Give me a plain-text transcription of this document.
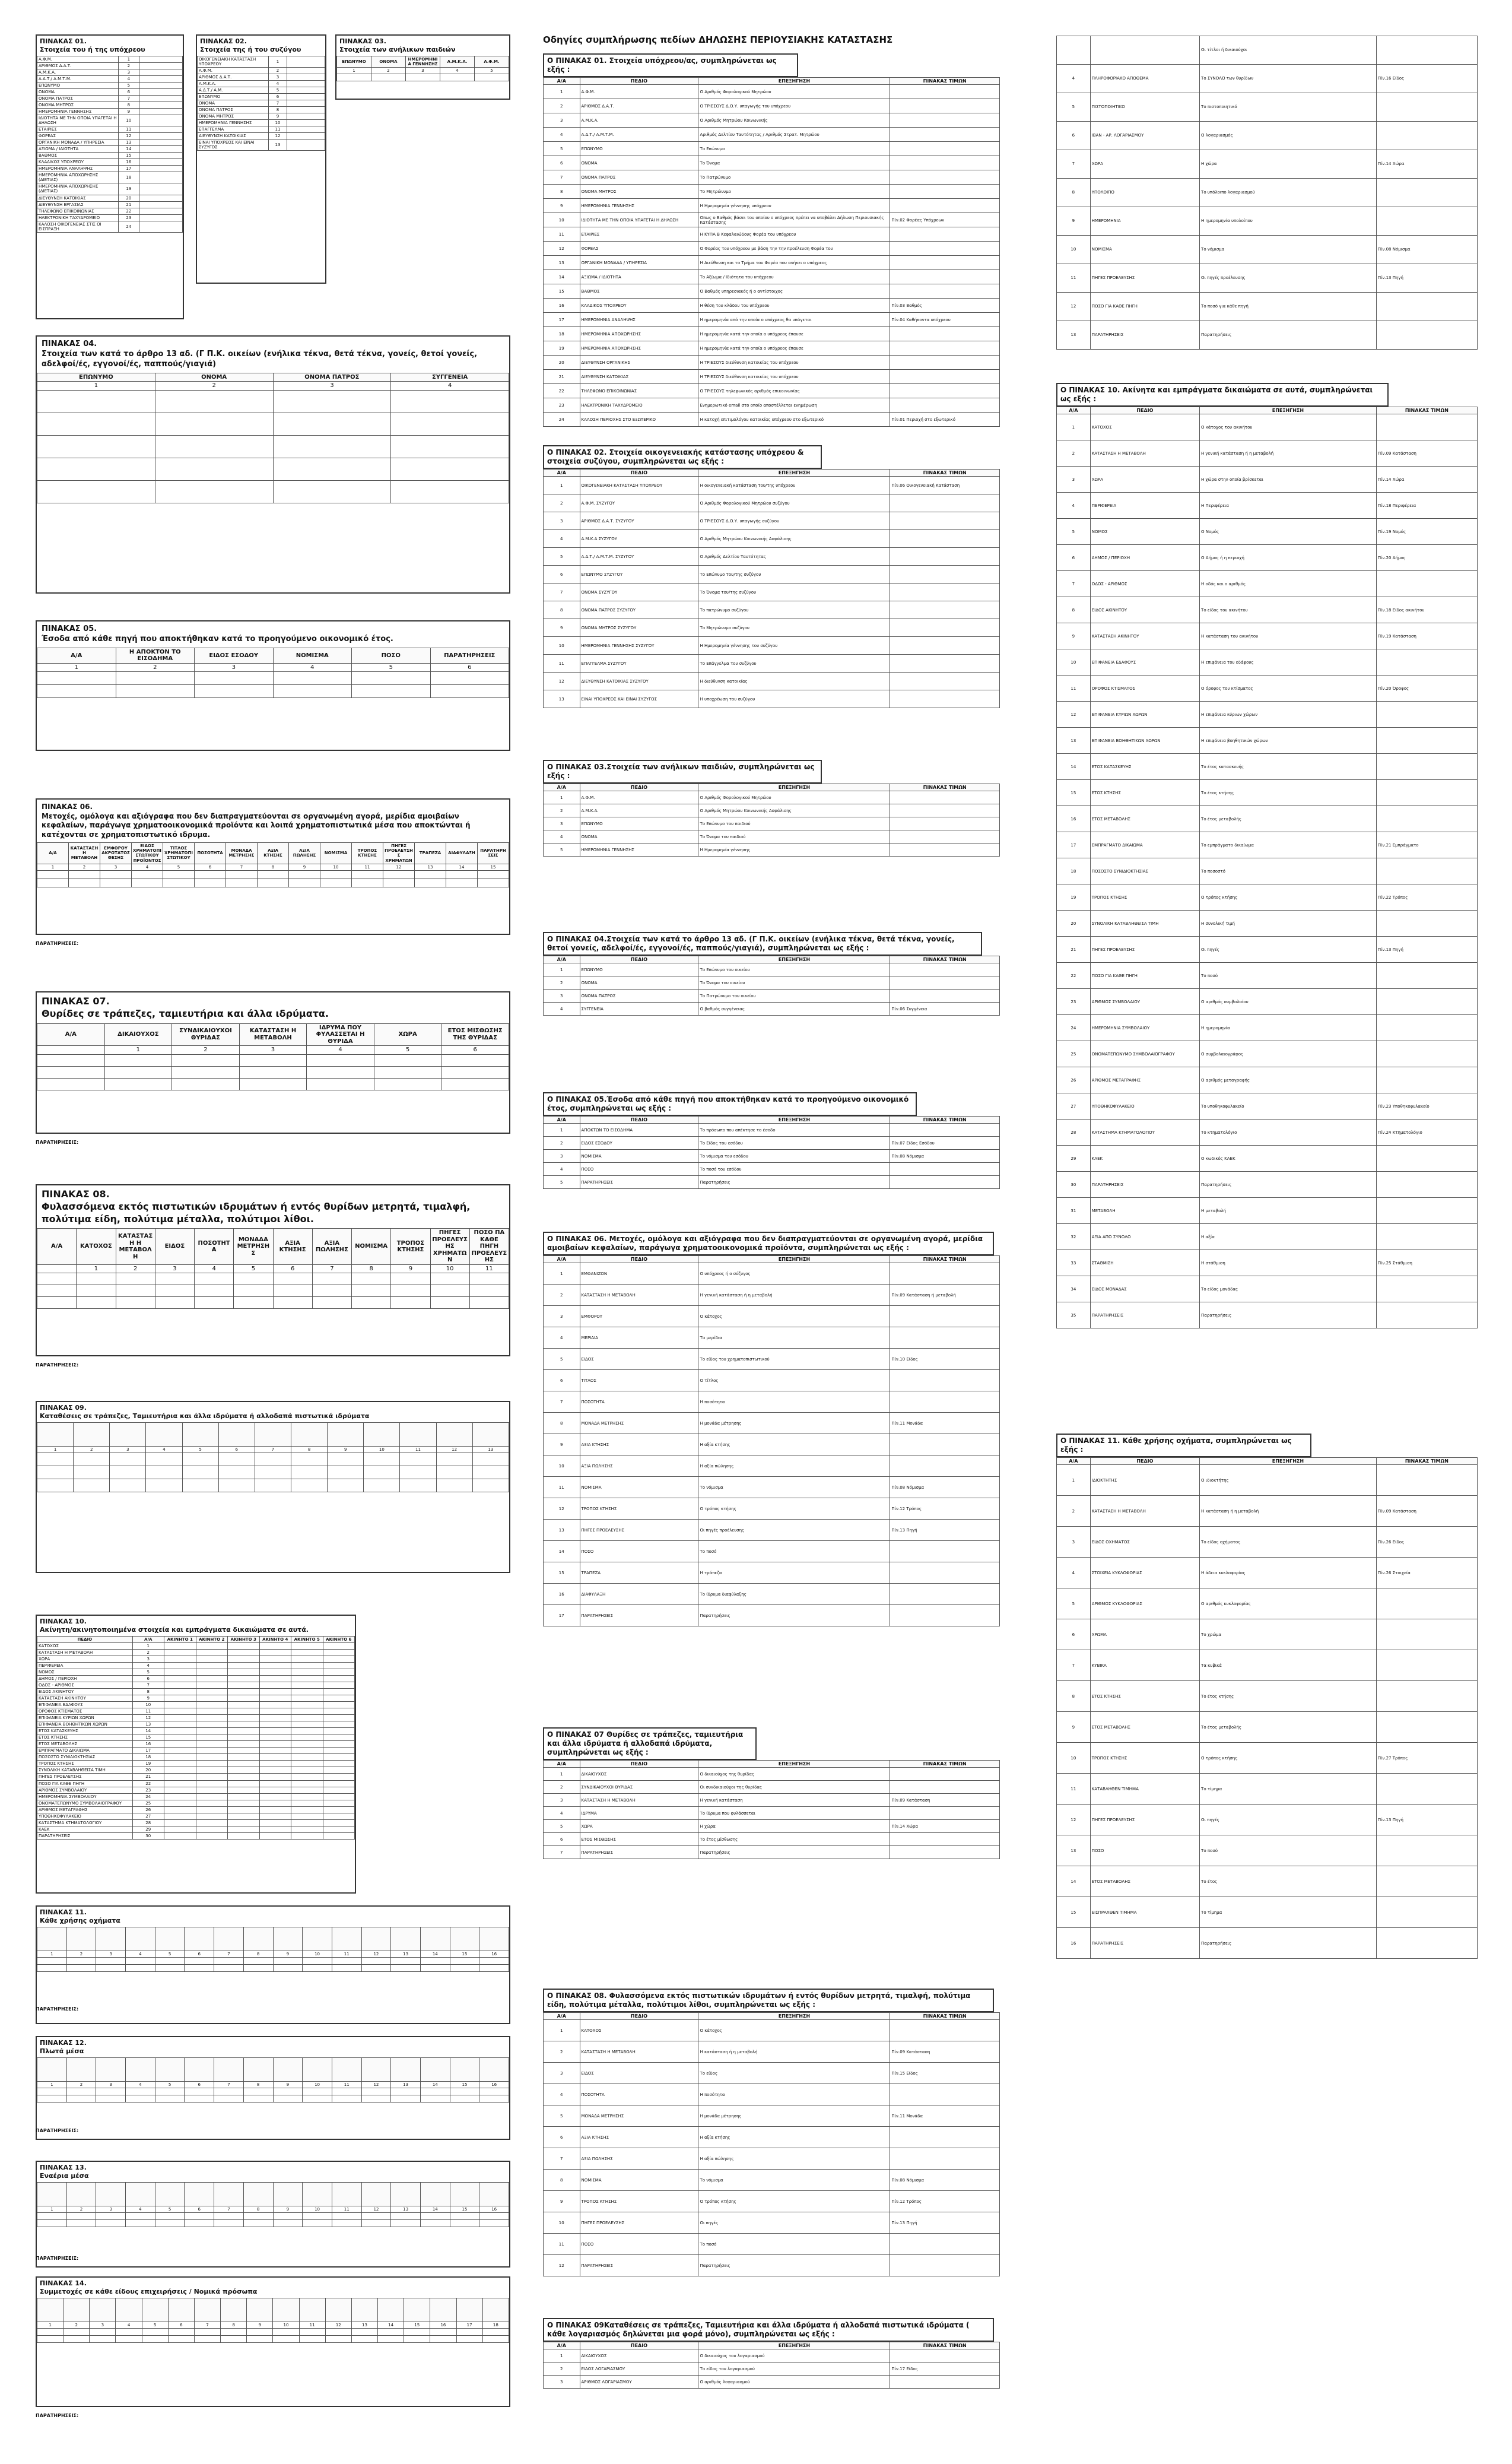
ΠΙΝΑΚΑΣ 01.
Στοιχεία του ή της υπόχρεου
Α.Φ.Μ.	1	
ΑΡΙΘΜΟΣ Δ.Α.Τ.	2	
Α.Μ.Κ.Α.	3	
Α.Δ.Τ./ Α.Μ.Τ.Μ.	4	
ΕΠΩΝΥΜΟ	5	
ΟΝΟΜΑ	6	
ΟΝΟΜΑ ΠΑΤΡΟΣ	7	
ΟΝΟΜΑ ΜΗΤΡΟΣ	8	
ΗΜΕΡΟΜΗΝΙΑ ΓΕΝΝΗΣΗΣ	9	
ΙΔΙΟΤΗΤΑ ΜΕ ΤΗΝ ΟΠΟΙΑ ΥΠΑΓΕΤΑΙ Η ΔΗΛΩΣΗ	10	
ΕΤΑΙΡΙΕΣ	11	
ΦΟΡΕΑΣ	12	
ΟΡΓΑΝΙΚΗ ΜΟΝΑΔΑ / ΥΠΗΡΕΣΙΑ	13	
ΑΞΙΩΜΑ / ΙΔΙΟΤΗΤΑ	14	
ΒΑΘΜΟΣ	15	
ΚΛΑΔΙΚΟΣ ΥΠΟΧΡΕΟΥ	16	
ΗΜΕΡΟΜΗΝΙΑ ΑΝΑΛΗΨΗΣ	17	
ΗΜΕΡΟΜΗΝΙΑ ΑΠΟΧΩΡΗΣΗΣ (ΔΙΕΤΙΑΣ)	18	
ΗΜΕΡΟΜΗΝΙΑ ΑΠΟΧΩΡΗΣΗΣ (ΔΙΕΤΙΑΣ)	19	
ΔΙΕΥΘΥΝΣΗ ΚΑΤΟΙΚΙΑΣ	20	
ΔΙΕΥΘΥΝΣΗ ΕΡΓΑΣΙΑΣ	21	
ΤΗΛΕΦΩΝΟ ΕΠΙΚΟΙΝΩΝΙΑΣ	22	
ΗΛΕΚΤΡΟΝΙΚΗ ΤΑΧΥΔΡΟΜΕΙΟ	23	
ΚΑΛΟΣΗ ΟΙΚΟΓΕΝΕΙΑΣ ΣΤΙΣ ΟΙ ΕΙΣΠΡΑΞΗ	24	
ΠΙΝΑΚΑΣ 02.
Στοιχεία της ή του συζύγου
ΟΙΚΟΓΕΝΕΙΑΚΗ ΚΑΤΑΣΤΑΣΗ ΥΠΟΧΡΕΟΥ	1	
Α.Φ.Μ.	2	
ΑΡΙΘΜΟΣ Δ.Α.Τ.	3	
Α.Μ.Κ.Α.	4	
Α.Δ.Τ./ Α.Μ.	5	
ΕΠΩΝΥΜΟ	6	
ΟΝΟΜΑ	7	
ΟΝΟΜΑ ΠΑΤΡΟΣ	8	
ΟΝΟΜΑ ΜΗΤΡΟΣ	9	
ΗΜΕΡΟΜΗΝΙΑ ΓΕΝΝΗΣΗΣ	10	
ΕΠΑΓΓΕΛΜΑ	11	
ΔΙΕΥΘΥΝΣΗ ΚΑΤΟΙΚΙΑΣ	12	
ΕΙΝΑΙ ΥΠΟΧΡΕΟΣ ΚΑΙ ΕΙΝΑΙ ΣΥΖΥΓΟΣ	13	
ΠΙΝΑΚΑΣ 03.
Στοιχεία των ανήλικων παιδιών
ΕΠΩΝΥΜΟ	ΟΝΟΜΑ	ΗΜΕΡΟΜΗΝΙΑ ΓΕΝΝΗΣΗΣ	Α.Μ.Κ.Α.	Α.Φ.Μ.
1	2	3	4	5

ΠΙΝΑΚΑΣ 04.
Στοιχεία των κατά το άρθρο 13 αδ. (Γ Π.Κ. οικείων (ενήλικα τέκνα, θετά τέκνα, γονείς, θετοί γονείς, αδελφοί/ές, εγγονοί/ές, παππούς/γιαγιά)
ΕΠΩΝΥΜΟ	ΟΝΟΜΑ	ΟΝΟΜΑ ΠΑΤΡΟΣ	ΣΥΓΓΕΝΕΙΑ
1	2	3	4

ΠΙΝΑΚΑΣ 05.
Έσοδα από κάθε πηγή που αποκτήθηκαν κατά το προηγούμενο οικονομικό έτος.
Α/Α	Η ΑΠΟΚΤΟΝ ΤΟ ΕΙΣΟΔΗΜΑ	ΕΙΔΟΣ ΕΣΟΔΟΥ	ΝΟΜΙΣΜΑ	ΠΟΣΟ	ΠΑΡΑΤΗΡΗΣΕΙΣ
1	2	3	4	5	6

ΠΙΝΑΚΑΣ 06.
Μετοχές, ομόλογα και αξιόγραφα που δεν διαπραγματεύονται σε οργανωμένη αγορά, μερίδια αμοιβαίων κεφαλαίων, παράγωγα χρηματοοικονομικά προϊόντα και λοιπά χρηματοπιστωτικά μέσα που αποκτώνται ή κατέχονται σε χρηματοπιστωτικό ιδρυμα.
Α/Α	ΚΑΤΑΣΤΑΣΗ Η ΜΕΤΑΒΟΛΗ	ΕΜΦΟΡΟΥ ΑΚΡΟΤΑΤΟΣ ΘΕΣΗΣ	ΕΙΔΟΣ ΧΡΗΜΑΤΟΠΙΣΤΩΤΙΚΟΥ ΠΡΟΪΟΝΤΟΣ	ΤΙΤΛΟΣ ΧΡΗΜΑΤΟΠΙΣΤΩΤΙΚΟΥ	ΠΟΣΟΤΗΤΑ	ΜΟΝΑΔΑ ΜΕΤΡΗΣΗΣ	ΑΞΙΑ ΚΤΗΣΗΣ	ΑΞΙΑ ΠΩΛΗΣΗΣ	ΝΟΜΙΣΜΑ	ΤΡΟΠΟΣ ΚΤΗΣΗΣ	ΠΗΓΕΣ ΠΡΟΕΛΕΥΣΗΣ ΧΡΗΜΑΤΩΝ	ΤΡΑΠΕΖΑ	ΔΙΑΦΥΛΑΞΗ	ΠΑΡΑΤΗΡΗΣΕΙΣ
1	2	3	4	5	6	7	8	9	10	11	12	13	14	15

ΠΑΡΑΤΗΡΗΣΕΙΣ:
ΠΙΝΑΚΑΣ 07.
Θυρίδες σε τράπεζες, ταμιευτήρια και άλλα ιδρύματα.
Α/Α	ΔΙΚΑΙΟΥΧΟΣ	ΣΥΝΔΙΚΑΙΟΥΧΟΙ ΘΥΡΙΔΑΣ	ΚΑΤΑΣΤΑΣΗ Η ΜΕΤΑΒΟΛΗ	ΙΔΡΥΜΑ ΠΟΥ ΦΥΛΑΣΣΕΤΑΙ Η ΘΥΡΙΔΑ	ΧΩΡΑ	ΕΤΟΣ ΜΙΣΘΩΣΗΣ ΤΗΣ ΘΥΡΙΔΑΣ
	1	2	3	4	5	6

ΠΑΡΑΤΗΡΗΣΕΙΣ:
ΠΙΝΑΚΑΣ 08.
Φυλασσόμενα εκτός πιστωτικών ιδρυμάτων ή εντός θυρίδων μετρητά, τιμαλφή, πολύτιμα είδη, πολύτιμα μέταλλα, πολύτιμοι λίθοι.
Α/Α	ΚΑΤΟΧΟΣ	ΚΑΤΑΣΤΑΣΗ Η ΜΕΤΑΒΟΛΗ	ΕΙΔΟΣ	ΠΟΣΟΤΗΤΑ	ΜΟΝΑΔΑ ΜΕΤΡΗΣΗΣ	ΑΞΙΑ ΚΤΗΣΗΣ	ΑΞΙΑ ΠΩΛΗΣΗΣ	ΝΟΜΙΣΜΑ	ΤΡΟΠΟΣ ΚΤΗΣΗΣ	ΠΗΓΕΣ ΠΡΟΕΛΕΥΣΗΣ ΧΡΗΜΑΤΩΝ	ΠΟΣΟ ΠΑ ΚΑΘΕ ΠΗΓΗ ΠΡΟΕΛΕΥΣΗΣ
	1	2	3	4	5	6	7	8	9	10	11

ΠΑΡΑΤΗΡΗΣΕΙΣ:
ΠΙΝΑΚΑΣ 09.
Καταθέσεις σε τράπεζες, Ταμιευτήρια και άλλα ιδρύματα ή αλλοδαπά πιστωτικά ιδρύματα

1	2	3	4	5	6	7	8	9	10	11	12	13

ΠΙΝΑΚΑΣ 10.
Ακίνητη/ακινητοποιημένα στοιχεία και εμπράγματα δικαιώματα σε αυτά.
ΠΕΔΙΟ	Α/Α	ΑΚΙΝΗΤΟ 1	ΑΚΙΝΗΤΟ 2	ΑΚΙΝΗΤΟ 3	ΑΚΙΝΗΤΟ 4	ΑΚΙΝΗΤΟ 5	ΑΚΙΝΗΤΟ 6
ΚΑΤΟΧΟΣ	1						
ΚΑΤΑΣΤΑΣΗ Η ΜΕΤΑΒΟΛΗ	2						
ΧΩΡΑ	3						
ΠΕΡΙΦΕΡΕΙΑ	4						
ΝΟΜΟΣ	5						
ΔΗΜΟΣ / ΠΕΡΙΟΧΗ	6						
ΟΔΟΣ - ΑΡΙΘΜΟΣ	7						
ΕΙΔΟΣ ΑΚΙΝΗΤΟΥ	8						
ΚΑΤΑΣΤΑΣΗ ΑΚΙΝΗΤΟΥ	9						
ΕΠΙΦΑΝΕΙΑ ΕΔΑΦΟΥΣ	10						
ΟΡΟΦΟΣ ΚΤΙΣΜΑΤΟΣ	11						
ΕΠΙΦΑΝΕΙΑ ΚΥΡΙΩΝ ΧΩΡΩΝ	12						
ΕΠΙΦΑΝΕΙΑ ΒΟΗΘΗΤΙΚΩΝ ΧΩΡΩΝ	13						
ΕΤΟΣ ΚΑΤΑΣΚΕΥΗΣ	14						
ΕΤΟΣ ΚΤΗΣΗΣ	15						
ΕΤΟΣ ΜΕΤΑΒΟΛΗΣ	16						
ΕΜΠΡΑΓΜΑΤΟ ΔΙΚΑΙΩΜΑ	17						
ΠΟΣΟΣΤΟ ΣΥΝΙΔΙΟΚΤΗΣΙΑΣ	18						
ΤΡΟΠΟΣ ΚΤΗΣΗΣ	19						
ΣΥΝΟΛΙΚΗ ΚΑΤΑΒΛΗΘΕΙΣΑ ΤΙΜΗ	20						
ΠΗΓΕΣ ΠΡΟΕΛΕΥΣΗΣ	21						
ΠΟΣΟ ΓΙΑ ΚΑΘΕ ΠΗΓΗ	22						
ΑΡΙΘΜΟΣ ΣΥΜΒΟΛΑΙΟΥ	23						
ΗΜΕΡΟΜΗΝΙΑ ΣΥΜΒΟΛΑΙΟΥ	24						
ΟΝΟΜΑΤΕΠΩΝΥΜΟ ΣΥΜΒΟΛΑΙΟΓΡΑΦΟΥ	25						
ΑΡΙΘΜΟΣ ΜΕΤΑΓΡΑΦΗΣ	26						
ΥΠΟΘΗΚΟΦΥΛΑΚΕΙΟ	27						
ΚΑΤΑΣΤΗΜΑ ΚΤΗΜΑΤΟΛΟΓΙΟΥ	28						
ΚΑΕΚ	29						
ΠΑΡΑΤΗΡΗΣΕΙΣ	30						
ΠΙΝΑΚΑΣ 11.
Κάθε χρήσης οχήματα

1	2	3	4	5	6	7	8	9	10	11	12	13	14	15	16

ΠΑΡΑΤΗΡΗΣΕΙΣ:
ΠΙΝΑΚΑΣ 12.
Πλωτά μέσα

1	2	3	4	5	6	7	8	9	10	11	12	13	14	15	16

ΠΑΡΑΤΗΡΗΣΕΙΣ:
ΠΙΝΑΚΑΣ 13.
Εναέρια μέσα

1	2	3	4	5	6	7	8	9	10	11	12	13	14	15	16

ΠΑΡΑΤΗΡΗΣΕΙΣ:
ΠΙΝΑΚΑΣ 14.
Συμμετοχές σε κάθε είδους επιχειρήσεις / Νομικά πρόσωπα

1	2	3	4	5	6	7	8	9	10	11	12	13	14	15	16	17	18

ΠΑΡΑΤΗΡΗΣΕΙΣ:
Οδηγίες συμπλήρωσης πεδίων ΔΗΛΩΣΗΣ ΠΕΡΙΟΥΣΙΑΚΗΣ ΚΑΤΑΣΤΑΣΗΣ
Ο ΠΙΝΑΚΑΣ 01. Στοιχεία υπόχρεου/ας, συμπληρώνεται ως εξής :
Α/Α	ΠΕΔΙΟ	ΕΠΕΞΗΓΗΣΗ	ΠΙΝΑΚΑΣ ΤΙΜΩΝ
1	Α.Φ.Μ.	Ο Αριθμός Φορολογικού Μητρώου	
2	ΑΡΙΘΜΟΣ Δ.Α.Τ.	Ο ΤΡΙΕΣΟΥΣ Δ.Ο.Υ. υπαγωγής του υπόχρεου	
3	Α.Μ.Κ.Α.	Ο Αριθμός Μητρώου Κοινωνικής	
4	Α.Δ.Τ./ Α.Μ.Τ.Μ.	Αριθμός Δελτίου Ταυτότητας / Αριθμός Στρατ. Μητρώου	
5	ΕΠΩΝΥΜΟ	Το Επώνυμο	
6	ΟΝΟΜΑ	Το Όνομα	
7	ΟΝΟΜΑ ΠΑΤΡΟΣ	Το Πατρώνυμο	
8	ΟΝΟΜΑ ΜΗΤΡΟΣ	Το Μητρώνυμο	
9	ΗΜΕΡΟΜΗΝΙΑ ΓΕΝΝΗΣΗΣ	Η Ημερομηνία γέννησης υπόχρεου	
10	ΙΔΙΟΤΗΤΑ ΜΕ ΤΗΝ ΟΠΟΙΑ ΥΠΑΓΕΤΑΙ Η ΔΗΛΩΣΗ	Οπως ο Βαθμός βάσει του οποίου ο υπόχρεος πρέπει να υποβάλει Δήλωση Περιουσιακής Κατάστασης	Πίν.02 Φορέας Υπόχρεων
11	ΕΤΑΙΡΙΕΣ	Η ΚΥΠΑ Β Κεφαλαιώδους Φορέα του υπόχρεου	
12	ΦΟΡΕΑΣ	Ο Φορέας του υπόχρεου με βάση την την προέλευση Φορέα του	
13	ΟΡΓΑΝΙΚΗ ΜΟΝΑΔΑ / ΥΠΗΡΕΣΙΑ	Η Διεύθυνση και το Τμήμα του Φορέα που ανήκει ο υπόχρεος	
14	ΑΞΙΩΜΑ / ΙΔΙΟΤΗΤΑ	Το Αξίωμα / Ιδιότητα του υπόχρεου	
15	ΒΑΘΜΟΣ	Ο Βαθμός υπηρεσιακός ή ο αντίστοιχος	
16	ΚΛΑΔΙΚΟΣ ΥΠΟΧΡΕΟΥ	Η θέση του κλάδου του υπόχρεου	Πίν.03 Βαθμός
17	ΗΜΕΡΟΜΗΝΙΑ ΑΝΑΛΗΨΗΣ	Η ημερομηνία από την οποία ο υπόχρεος θα υπάγεται	Πίν.04 Καθήκοντα υπόχρεου
18	ΗΜΕΡΟΜΗΝΙΑ ΑΠΟΧΩΡΗΣΗΣ	Η ημερομηνία κατά την οποία ο υπόχρεος έπαυσε	
19	ΗΜΕΡΟΜΗΝΙΑ ΑΠΟΧΩΡΗΣΗΣ	Η ημερομηνία κατά την οποία ο υπόχρεος έπαυσε	
20	ΔΙΕΥΘΥΝΣΗ ΟΡΓΑΝΙΚΗΣ	Η ΤΡΙΕΣΟΥΣ διεύθυνση κατοικίας του υπόχρεου	
21	ΔΙΕΥΘΥΝΣΗ ΚΑΤΟΙΚΙΑΣ	Η ΤΡΙΕΣΟΥΣ διεύθυνση κατοικίας του υπόχρεου	
22	ΤΗΛΕΦΩΝΟ ΕΠΙΚΟΙΝΩΝΙΑΣ	Ο ΤΡΙΕΣΟΥΣ τηλεφωνικός αριθμός επικοινωνίας	
23	ΗΛΕΚΤΡΟΝΙΚΗ ΤΑΧΥΔΡΟΜΕΙΟ	Ενημερωτικό email στο οποίο αποστέλλεται ενημέρωση	
24	ΚΑΛΟΣΗ ΠΕΡΙΟΧΗΣ ΣΤΟ ΕΞΩΤΕΡΙΚΟ	Η κατοχή επιτιμολόγου κατοικίας υπόχρεου στο εξωτερικό	Πίν.01 Περιοχή στο εξωτερικό
Ο ΠΙΝΑΚΑΣ 02. Στοιχεία οικογενειακής κατάστασης υπόχρεου & στοιχεία συζύγου, συμπληρώνεται ως εξής :
Α/Α	ΠΕΔΙΟ	ΕΠΕΞΗΓΗΣΗ	ΠΙΝΑΚΑΣ ΤΙΜΩΝ
1	ΟΙΚΟΓΕΝΕΙΑΚΗ ΚΑΤΑΣΤΑΣΗ ΥΠΟΧΡΕΟΥ	Η οικογενειακή κατάσταση του/της υπόχρεου	Πίν.06 Οικογενειακή Κατάσταση
2	Α.Φ.Μ. ΣΥΖΥΓΟΥ	Ο Αριθμός Φορολογικού Μητρώου συζύγου	
3	ΑΡΙΘΜΟΣ Δ.Α.Τ. ΣΥΖΥΓΟΥ	Ο ΤΡΙΕΣΟΥΣ Δ.Ο.Υ. υπαγωγής συζύγου	
4	Α.Μ.Κ.Α ΣΥΖΥΓΟΥ	Ο Αριθμός Μητρώου Κοινωνικής Ασφάλισης	
5	Α.Δ.Τ./ Α.Μ.Τ.Μ. ΣΥΖΥΓΟΥ	Ο Αριθμός Δελτίου Ταυτότητας	
6	ΕΠΩΝΥΜΟ ΣΥΖΥΓΟΥ	Το Επώνυμο του/της συζύγου	
7	ΟΝΟΜΑ ΣΥΖΥΓΟΥ	Το Όνομα του/της συζύγου	
8	ΟΝΟΜΑ ΠΑΤΡΟΣ ΣΥΖΥΓΟΥ	Το πατρώνυμο συζύγου	
9	ΟΝΟΜΑ ΜΗΤΡΟΣ ΣΥΖΥΓΟΥ	Το Μητρώνυμο συζύγου	
10	ΗΜΕΡΟΜΗΝΙΑ ΓΕΝΝΗΣΗΣ ΣΥΖΥΓΟΥ	Η Ημερομηνία γέννησης του συζύγου	
11	ΕΠΑΓΓΕΛΜΑ ΣΥΖΥΓΟΥ	Το Επάγγελμα του συζύγου	
12	ΔΙΕΥΘΥΝΣΗ ΚΑΤΟΙΚΙΑΣ ΣΥΖΥΓΟΥ	Η διεύθυνση κατοικίας	
13	ΕΙΝΑΙ ΥΠΟΧΡΕΟΣ ΚΑΙ ΕΙΝΑΙ ΣΥΖΥΓΟΣ	Η υποχρέωση του συζύγου	
Ο ΠΙΝΑΚΑΣ 03.Στοιχεία των ανήλικων παιδιών, συμπληρώνεται ως εξής :
Α/Α	ΠΕΔΙΟ	ΕΠΕΞΗΓΗΣΗ	ΠΙΝΑΚΑΣ ΤΙΜΩΝ
1	Α.Φ.Μ.	Ο Αριθμός Φορολογικού Μητρώου	
2	Α.Μ.Κ.Α.	Ο Αριθμός Μητρώου Κοινωνικής Ασφάλισης	
3	ΕΠΩΝΥΜΟ	Το Επώνυμο του παιδιού	
4	ΟΝΟΜΑ	Το Όνομα του παιδιού	
5	ΗΜΕΡΟΜΗΝΙΑ ΓΕΝΝΗΣΗΣ	Η Ημερομηνία γέννησης	
Ο ΠΙΝΑΚΑΣ 04.Στοιχεία των κατά το άρθρο 13 αδ. (Γ Π.Κ. οικείων (ενήλικα τέκνα, θετά τέκνα, γονείς, θετοί γονείς, αδελφοί/ές, εγγονοί/ές, παππούς/γιαγιά), συμπληρώνεται ως εξής :
Α/Α	ΠΕΔΙΟ	ΕΠΕΞΗΓΗΣΗ	ΠΙΝΑΚΑΣ ΤΙΜΩΝ
1	ΕΠΩΝΥΜΟ	Το Επώνυμο του οικείου	
2	ΟΝΟΜΑ	Το Όνομα του οικείου	
3	ΟΝΟΜΑ ΠΑΤΡΟΣ	Το Πατρώνυμο του οικείου	
4	ΣΥΓΓΕΝΕΙΑ	Ο βαθμός συγγένειας	Πίν.06 Συγγένεια
Ο ΠΙΝΑΚΑΣ 05.Έσοδα από κάθε πηγή που αποκτήθηκαν κατά το προηγούμενο οικονομικό έτος, συμπληρώνεται ως εξής :
Α/Α	ΠΕΔΙΟ	ΕΠΕΞΗΓΗΣΗ	ΠΙΝΑΚΑΣ ΤΙΜΩΝ
1	ΑΠΟΚΤΩΝ ΤΟ ΕΙΣΟΔΗΜΑ	Το πρόσωπο που απέκτησε το έσοδο	
2	ΕΙΔΟΣ ΕΣΟΔΟΥ	Το Είδος του εσόδου	Πίν.07 Είδος Εσόδου
3	ΝΟΜΙΣΜΑ	Το νόμισμα του εσόδου	Πίν.08 Νόμισμα
4	ΠΟΣΟ	Το ποσό του εσόδου	
5	ΠΑΡΑΤΗΡΗΣΕΙΣ	Παρατηρήσεις	
Ο ΠΙΝΑΚΑΣ 06. Μετοχές, ομόλογα και αξιόγραφα που δεν διαπραγματεύονται σε οργανωμένη αγορά, μερίδια αμοιβαίων κεφαλαίων, παράγωγα χρηματοοικονομικά προϊόντα, συμπληρώνεται ως εξής :
Α/Α	ΠΕΔΙΟ	ΕΠΕΞΗΓΗΣΗ	ΠΙΝΑΚΑΣ ΤΙΜΩΝ
1	ΕΜΦΑΝΙΖΟΝ	Ο υπόχρεος ή ο σύζυγος	
2	ΚΑΤΑΣΤΑΣΗ Η ΜΕΤΑΒΟΛΗ	Η γενική κατάσταση ή η μεταβολή	Πίν.09 Κατάσταση ή μεταβολή
3	ΕΜΦΟΡΟΥ	Ο κάτοχος	
4	ΜΕΡΙΔΙΑ	Τα μερίδια	
5	ΕΙΔΟΣ	Το είδος του χρηματοπιστωτικού	Πίν.10 Είδος
6	ΤΙΤΛΟΣ	Ο τίτλος	
7	ΠΟΣΟΤΗΤΑ	Η ποσότητα	
8	ΜΟΝΑΔΑ ΜΕΤΡΗΣΗΣ	Η μονάδα μέτρησης	Πίν.11 Μονάδα
9	ΑΞΙΑ ΚΤΗΣΗΣ	Η αξία κτήσης	
10	ΑΞΙΑ ΠΩΛΗΣΗΣ	Η αξία πώλησης	
11	ΝΟΜΙΣΜΑ	Το νόμισμα	Πίν.08 Νόμισμα
12	ΤΡΟΠΟΣ ΚΤΗΣΗΣ	Ο τρόπος κτήσης	Πίν.12 Τρόπος
13	ΠΗΓΕΣ ΠΡΟΕΛΕΥΣΗΣ	Οι πηγές προέλευσης	Πίν.13 Πηγή
14	ΠΟΣΟ	Το ποσό	
15	ΤΡΑΠΕΖΑ	Η τράπεζα	
16	ΔΙΑΦΥΛΑΞΗ	Το ίδρυμα διαφύλαξης	
17	ΠΑΡΑΤΗΡΗΣΕΙΣ	Παρατηρήσεις	
Ο ΠΙΝΑΚΑΣ 07 Θυρίδες σε τράπεζες, ταμιευτήρια και άλλα ιδρύματα ή αλλοδαπά ιδρύματα, συμπληρώνεται ως εξής :
Α/Α	ΠΕΔΙΟ	ΕΠΕΞΗΓΗΣΗ	ΠΙΝΑΚΑΣ ΤΙΜΩΝ
1	ΔΙΚΑΙΟΥΧΟΣ	Ο δικαιούχος της θυρίδας	
2	ΣΥΝΔΙΚΑΙΟΥΧΟΙ ΘΥΡΙΔΑΣ	Οι συνδικαιούχοι της θυρίδας	
3	ΚΑΤΑΣΤΑΣΗ Η ΜΕΤΑΒΟΛΗ	Η γενική κατάσταση	Πίν.09 Κατάσταση
4	ΙΔΡΥΜΑ	Το ίδρυμα που φυλάσσεται	
5	ΧΩΡΑ	Η χώρα	Πίν.14 Χώρα
6	ΕΤΟΣ ΜΙΣΘΩΣΗΣ	Το έτος μίσθωσης	
7	ΠΑΡΑΤΗΡΗΣΕΙΣ	Παρατηρήσεις	
Ο ΠΙΝΑΚΑΣ 08. Φυλασσόμενα εκτός πιστωτικών ιδρυμάτων ή εντός θυρίδων μετρητά, τιμαλφή, πολύτιμα είδη, πολύτιμα μέταλλα, πολύτιμοι λίθοι, συμπληρώνεται ως εξής :
Α/Α	ΠΕΔΙΟ	ΕΠΕΞΗΓΗΣΗ	ΠΙΝΑΚΑΣ ΤΙΜΩΝ
1	ΚΑΤΟΧΟΣ	Ο κάτοχος	
2	ΚΑΤΑΣΤΑΣΗ Η ΜΕΤΑΒΟΛΗ	Η κατάσταση ή η μεταβολή	Πίν.09 Κατάσταση
3	ΕΙΔΟΣ	Το είδος	Πίν.15 Είδος
4	ΠΟΣΟΤΗΤΑ	Η ποσότητα	
5	ΜΟΝΑΔΑ ΜΕΤΡΗΣΗΣ	Η μονάδα μέτρησης	Πίν.11 Μονάδα
6	ΑΞΙΑ ΚΤΗΣΗΣ	Η αξία κτήσης	
7	ΑΞΙΑ ΠΩΛΗΣΗΣ	Η αξία πώλησης	
8	ΝΟΜΙΣΜΑ	Το νόμισμα	Πίν.08 Νόμισμα
9	ΤΡΟΠΟΣ ΚΤΗΣΗΣ	Ο τρόπος κτήσης	Πίν.12 Τρόπος
10	ΠΗΓΕΣ ΠΡΟΕΛΕΥΣΗΣ	Οι πηγές	Πίν.13 Πηγή
11	ΠΟΣΟ	Το ποσό	
12	ΠΑΡΑΤΗΡΗΣΕΙΣ	Παρατηρήσεις	
Ο ΠΙΝΑΚΑΣ 09Καταθέσεις σε τράπεζες, Ταμιευτήρια και άλλα ιδρύματα ή αλλοδαπά πιστωτικά ιδρύματα ( κάθε λογαριασμός δηλώνεται μια φορά μόνο), συμπληρώνεται ως εξής :
Α/Α	ΠΕΔΙΟ	ΕΠΕΞΗΓΗΣΗ	ΠΙΝΑΚΑΣ ΤΙΜΩΝ
1	ΔΙΚΑΙΟΥΧΟΣ	Ο δικαιούχος του λογαριασμού	
2	ΕΙΔΟΣ ΛΟΓΑΡΙΑΣΜΟΥ	Το είδος του λογαριασμού	Πίν.17 Είδος
3	ΑΡΙΘΜΟΣ ΛΟΓΑΡΙΑΣΜΟΥ	Ο αριθμός λογαριασμού	

		Οι τίτλοι ή δικαιούχοι	
4	ΠΛΗΡΟΦΟΡΙΑΚΟ ΑΠΟΘΕΜΑ	Το ΣΥΝΟΛΟ των θυρίδων	Πίν.16 Είδος
5	ΠΙΣΤΟΠΟΙΗΤΙΚΟ	Το πιστοποιητικό	
6	ΙΒΑΝ - ΑΡ. ΛΟΓΑΡΙΑΣΜΟΥ	Ο λογαριασμός	
7	ΧΩΡΑ	Η χώρα	Πίν.14 Χώρα
8	ΥΠΟΛΟΙΠΟ	Το υπόλοιπο λογαριασμού	
9	ΗΜΕΡΟΜΗΝΙΑ	Η ημερομηνία υπολοίπου	
10	ΝΟΜΙΣΜΑ	Το νόμισμα	Πίν.08 Νόμισμα
11	ΠΗΓΕΣ ΠΡΟΕΛΕΥΣΗΣ	Οι πηγές προέλευσης	Πίν.13 Πηγή
12	ΠΟΣΟ ΓΙΑ ΚΑΘΕ ΠΗΓΗ	Το ποσό για κάθε πηγή	
13	ΠΑΡΑΤΗΡΗΣΕΙΣ	Παρατηρήσεις	
Ο ΠΙΝΑΚΑΣ 10. Ακίνητα και εμπράγματα δικαιώματα σε αυτά, συμπληρώνεται ως εξής :
Α/Α	ΠΕΔΙΟ	ΕΠΕΞΗΓΗΣΗ	ΠΙΝΑΚΑΣ ΤΙΜΩΝ
1	ΚΑΤΟΧΟΣ	Ο κάτοχος του ακινήτου	
2	ΚΑΤΑΣΤΑΣΗ Η ΜΕΤΑΒΟΛΗ	Η γενική κατάσταση ή η μεταβολή	Πίν.09 Κατάσταση
3	ΧΩΡΑ	Η χώρα στην οποία βρίσκεται	Πίν.14 Χώρα
4	ΠΕΡΙΦΕΡΕΙΑ	Η Περιφέρεια	Πίν.18 Περιφέρεια
5	ΝΟΜΟΣ	Ο Νομός	Πίν.19 Νομός
6	ΔΗΜΟΣ / ΠΕΡΙΟΧΗ	Ο Δήμος ή η περιοχή	Πίν.20 Δήμος
7	ΟΔΟΣ - ΑΡΙΘΜΟΣ	Η οδός και ο αριθμός	
8	ΕΙΔΟΣ ΑΚΙΝΗΤΟΥ	Το είδος του ακινήτου	Πίν.18 Είδος ακινήτου
9	ΚΑΤΑΣΤΑΣΗ ΑΚΙΝΗΤΟΥ	Η κατάσταση του ακινήτου	Πίν.19 Κατάσταση
10	ΕΠΙΦΑΝΕΙΑ ΕΔΑΦΟΥΣ	Η επιφάνεια του εδάφους	
11	ΟΡΟΦΟΣ ΚΤΙΣΜΑΤΟΣ	Ο όροφος του κτίσματος	Πίν.20 Όροφος
12	ΕΠΙΦΑΝΕΙΑ ΚΥΡΙΩΝ ΧΩΡΩΝ	Η επιφάνεια κύριων χώρων	
13	ΕΠΙΦΑΝΕΙΑ ΒΟΗΘΗΤΙΚΩΝ ΧΩΡΩΝ	Η επιφάνεια βοηθητικών χώρων	
14	ΕΤΟΣ ΚΑΤΑΣΚΕΥΗΣ	Το έτος κατασκευής	
15	ΕΤΟΣ ΚΤΗΣΗΣ	Το έτος κτήσης	
16	ΕΤΟΣ ΜΕΤΑΒΟΛΗΣ	Το έτος μεταβολής	
17	ΕΜΠΡΑΓΜΑΤΟ ΔΙΚΑΙΩΜΑ	Το εμπράγματο δικαίωμα	Πίν.21 Εμπράγματο
18	ΠΟΣΟΣΤΟ ΣΥΝΙΔΙΟΚΤΗΣΙΑΣ	Το ποσοστό	
19	ΤΡΟΠΟΣ ΚΤΗΣΗΣ	Ο τρόπος κτήσης	Πίν.22 Τρόπος
20	ΣΥΝΟΛΙΚΗ ΚΑΤΑΒΛΗΘΕΙΣΑ ΤΙΜΗ	Η συνολική τιμή	
21	ΠΗΓΕΣ ΠΡΟΕΛΕΥΣΗΣ	Οι πηγές	Πίν.13 Πηγή
22	ΠΟΣΟ ΓΙΑ ΚΑΘΕ ΠΗΓΗ	Το ποσό	
23	ΑΡΙΘΜΟΣ ΣΥΜΒΟΛΑΙΟΥ	Ο αριθμός συμβολαίου	
24	ΗΜΕΡΟΜΗΝΙΑ ΣΥΜΒΟΛΑΙΟΥ	Η ημερομηνία	
25	ΟΝΟΜΑΤΕΠΩΝΥΜΟ ΣΥΜΒΟΛΑΙΟΓΡΑΦΟΥ	Ο συμβολαιογράφος	
26	ΑΡΙΘΜΟΣ ΜΕΤΑΓΡΑΦΗΣ	Ο αριθμός μεταγραφής	
27	ΥΠΟΘΗΚΟΦΥΛΑΚΕΙΟ	Το υποθηκοφυλακείο	Πίν.23 Υποθηκοφυλακείο
28	ΚΑΤΑΣΤΗΜΑ ΚΤΗΜΑΤΟΛΟΓΙΟΥ	Το κτηματολόγιο	Πίν.24 Κτηματολόγιο
29	ΚΑΕΚ	Ο κωδικός ΚΑΕΚ	
30	ΠΑΡΑΤΗΡΗΣΕΙΣ	Παρατηρήσεις	
31	ΜΕΤΑΒΟΛΗ	Η μεταβολή	
32	ΑΞΙΑ ΑΠΟ ΣΥΝΟΛΟ	Η αξία	
33	ΣΤΑΘΜΙΣΗ	Η στάθμιση	Πίν.25 Στάθμιση
34	ΕΙΔΟΣ ΜΟΝΑΔΑΣ	Το είδος μονάδας	
35	ΠΑΡΑΤΗΡΗΣΕΙΣ	Παρατηρήσεις	
Ο ΠΙΝΑΚΑΣ 11. Κάθε χρήσης οχήματα, συμπληρώνεται ως εξής :
Α/Α	ΠΕΔΙΟ	ΕΠΕΞΗΓΗΣΗ	ΠΙΝΑΚΑΣ ΤΙΜΩΝ
1	ΙΔΙΟΚΤΗΤΗΣ	Ο ιδιοκτήτης	
2	ΚΑΤΑΣΤΑΣΗ Η ΜΕΤΑΒΟΛΗ	Η κατάσταση ή η μεταβολή	Πίν.09 Κατάσταση
3	ΕΙΔΟΣ ΟΧΗΜΑΤΟΣ	Το είδος οχήματος	Πίν.26 Είδος
4	ΣΤΟΙΧΕΙΑ ΚΥΚΛΟΦΟΡΙΑΣ	Η άδεια κυκλοφορίας	Πίν.26 Στοιχεία
5	ΑΡΙΘΜΟΣ ΚΥΚΛΟΦΟΡΙΑΣ	Ο αριθμός κυκλοφορίας	
6	ΧΡΩΜΑ	Το χρώμα	
7	ΚΥΒΙΚΑ	Τα κυβικά	
8	ΕΤΟΣ ΚΤΗΣΗΣ	Το έτος κτήσης	
9	ΕΤΟΣ ΜΕΤΑΒΟΛΗΣ	Το έτος μεταβολής	
10	ΤΡΟΠΟΣ ΚΤΗΣΗΣ	Ο τρόπος κτήσης	Πίν.27 Τρόπος
11	ΚΑΤΑΒΛΗΘΕΝ ΤΙΜΗΜΑ	Το τίμημα	
12	ΠΗΓΕΣ ΠΡΟΕΛΕΥΣΗΣ	Οι πηγές	Πίν.13 Πηγή
13	ΠΟΣΟ	Το ποσό	
14	ΕΤΟΣ ΜΕΤΑΒΟΛΗΣ	Το έτος	
15	ΕΙΣΠΡΑΧΘΕΝ ΤΙΜΗΜΑ	Το τίμημα	
16	ΠΑΡΑΤΗΡΗΣΕΙΣ	Παρατηρήσεις	
